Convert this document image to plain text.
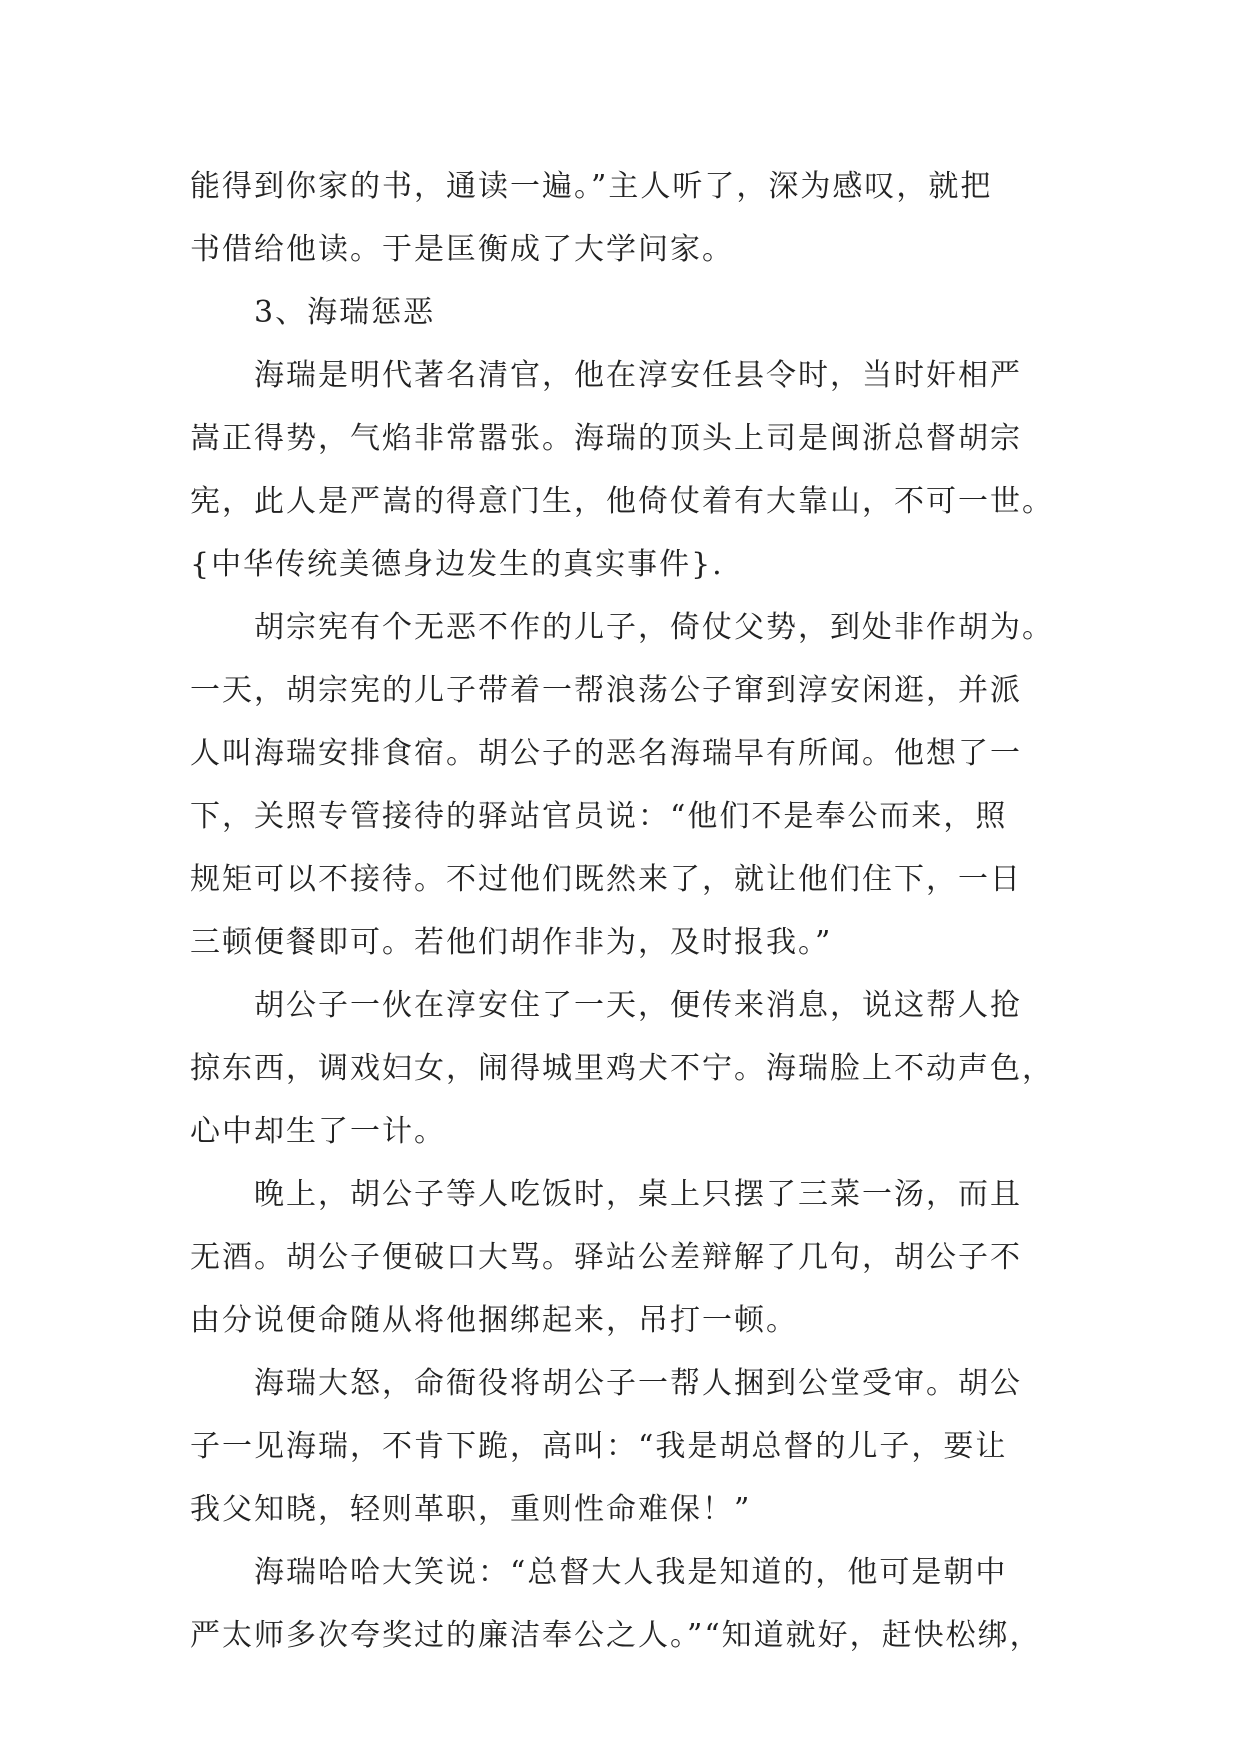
能得到你家的书，通读一遍。”主人听了，深为感叹，就把
书借给他读。于是匡衡成了大学问家。
3、海瑞惩恶
海瑞是明代著名清官，他在淳安任县令时，当时奸相严
嵩正得势，气焰非常嚣张。海瑞的顶头上司是闽浙总督胡宗
宪，此人是严嵩的得意门生，他倚仗着有大靠山，不可一世。
{中华传统美德身边发生的真实事件}.
胡宗宪有个无恶不作的儿子，倚仗父势，到处非作胡为。
一天，胡宗宪的儿子带着一帮浪荡公子窜到淳安闲逛，并派
人叫海瑞安排食宿。胡公子的恶名海瑞早有所闻。他想了一
下，关照专管接待的驿站官员说：“他们不是奉公而来，照
规矩可以不接待。不过他们既然来了，就让他们住下，一日
三顿便餐即可。若他们胡作非为，及时报我。”
胡公子一伙在淳安住了一天，便传来消息，说这帮人抢
掠东西，调戏妇女，闹得城里鸡犬不宁。海瑞脸上不动声色，
心中却生了一计。
晚上，胡公子等人吃饭时，桌上只摆了三菜一汤，而且
无酒。胡公子便破口大骂。驿站公差辩解了几句，胡公子不
由分说便命随从将他捆绑起来，吊打一顿。
海瑞大怒，命衙役将胡公子一帮人捆到公堂受审。胡公
子一见海瑞，不肯下跪，高叫：“我是胡总督的儿子，要让
我父知晓，轻则革职，重则性命难保！”
海瑞哈哈大笑说：“总督大人我是知道的，他可是朝中
严太师多次夸奖过的廉洁奉公之人。”“知道就好，赶快松绑，
